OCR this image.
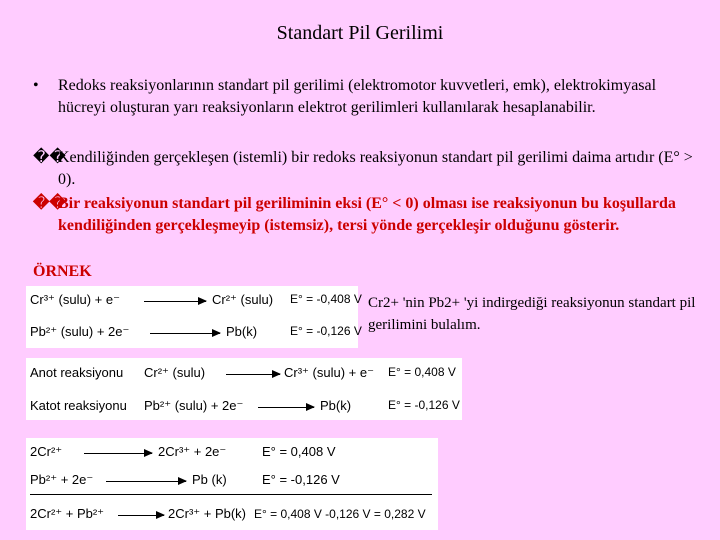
Standart Pil Gerilimi
• Redoks reaksiyonlarının standart pil gerilimi (elektromotor kuvvetleri, emk), elektrokimyasal hücreyi oluşturan yarı reaksiyonların elektrot gerilimleri kullanılarak hesaplanabilir.
��
Kendiliğinden gerçekleşen (istemli) bir redoks reaksiyonun standart pil gerilimi daima artıdır (E° > 0).
��
Bir reaksiyonun standart pil geriliminin eksi (E° < 0) olması ise reaksiyonun bu koşullarda kendiliğinden gerçekleşmeyip (istemsiz), tersi yönde gerçekleşir olduğunu gösterir.
ÖRNEK
Cr2+ 'nin Pb2+ 'yi indirgediği reaksiyonun standart pil gerilimini bulalım.
Cr³⁺ (sulu) + e⁻	Cr²⁺ (sulu) E° = -0,408 V
Pb²⁺ (sulu) + 2e⁻	Pb(k)	E° = -0,126 V
Anot reaksiyonu Cr²⁺ (sulu)	Cr³⁺ (sulu) + e⁻ E° = 0,408 V
Katot reaksiyonu Pb²⁺ (sulu) + 2e⁻	Pb(k)	E° = -0,126 V
2Cr²⁺	2Cr³⁺ + 2e⁻	E° = 0,408 V
Pb²⁺ + 2e⁻	Pb (k)	E° = -0,126 V
2Cr²⁺ + Pb²⁺	2Cr³⁺ + Pb(k) E° = 0,408 V -0,126 V = 0,282 V
